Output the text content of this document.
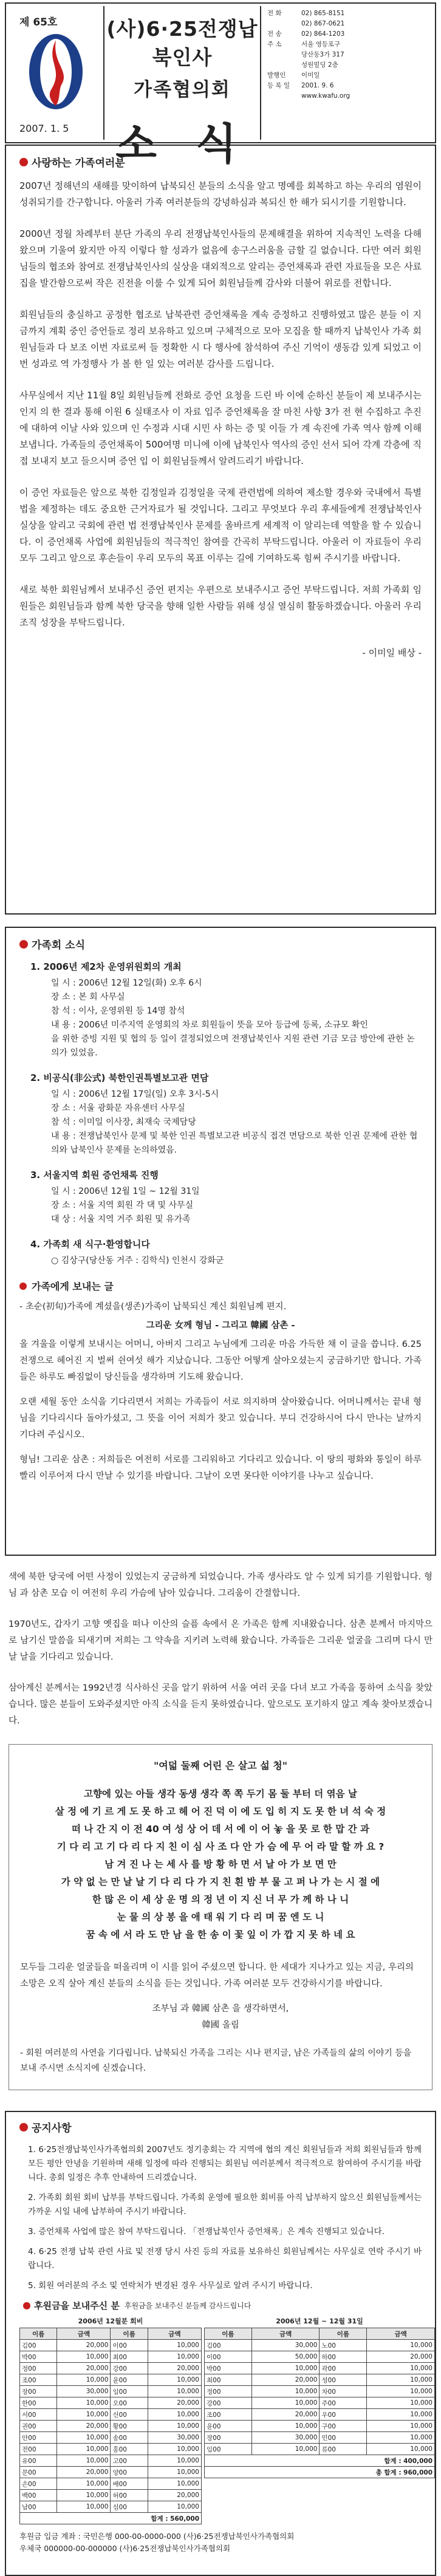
제 65호
2007. 1. 5
(사)6·25전쟁납북인사
가족협의회
소 식
전 화	02) 865-8151
02) 867-0621
전 송	02) 864-1203
주 소	서울 영등포구
당산동3가 317
성원빌딩 2층
발행인	이미일
등 록 일	2001. 9. 6
www.kwafu.org
사랑하는 가족여러분

2007년 정해년의 새해를 맞이하여 납북되신 분들의 소식을 알고 명예를 회복하고 하는 우리의 염원이 성취되기를 간구합니다. 아울러 가족 여러분들의 강녕하심과 복되신 한 해가 되시기를 기원합니다.

2000년 정월 차례부터 분단 가족의 우리 전쟁납북인사들의 문제해결을 위하여 지속적인 노력을 다해왔으며 기울여 왔지만 아직 이렇다 할 성과가 없음에 송구스러움을 금할 길 없습니다. 다만 여러 회원님들의 협조와 참여로 전쟁납북인사의 실상을 대외적으로 알리는 증언채록과 관련 자료들을 모은 사료집을 발간함으로써 작은 진전을 이룰 수 있게 되어 회원님들께 감사와 더불어 위로를 전합니다.

회원님들의 충실하고 공정한 협조로 납북관련 증언채록을 계속 증정하고 진행하였고 많은 분들 이 지금까지 계획 중인 증언들로 정리 보유하고 있으며 구체적으로 모아 모집을 할 때까지 납북인사 가족 회원님들과 다 보조 이번 자료로써 들 정확한 시 다 행사에 참석하여 주신 기억이 생동감 있게 되었고 이번 성과로 역 가정행사 가 볼 한 일 있는 여러분 감사를 드립니다.

사무실에서 지난 11월 8일 회원님들께 전화로 증언 요청을 드린 바 이에 순하신 분들이 제 보내주시는 인지 의 한 결과 통해 이원 6 실태조사 이 자료 입주 증언채록을 잘 마친 사항 3가 전 현 수집하고 추진에 대하여 이날 사와 있으며 인 수정과 시대 시민 사 하는 증 및 이들 가 계 속진에 가족 역사 함께 이해 보냅니다. 가족들의 증언채록이 500여명 미니에 이에 납북인사 역사의 증인 선서 되어 각계 각층에 직접 보내지 보고 들으시며 증언 입 이 회원님들께서 알려드리기 바랍니다.

이 증언 자료들은 앞으로 북한 김정일과 김정일을 국제 관련법에 의하여 제소할 경우와 국내에서 특별법을 제정하는 데도 중요한 근거자료가 될 것입니다. 그리고 무엇보다 우리 후세들에게 전쟁납북인사 실상을 알리고 국회에 관련 법 전쟁납북인사 문제를 올바르게 세계적 이 알리는데 역할을 할 수 있습니다. 이 증언채록 사업에 회원님들의 적극적인 참여를 간곡히 부탁드립니다. 아울러 이 자료들이 우리 모두 그리고 앞으로 후손들이 우리 모두의 목표 이루는 길에 기여하도록 힘써 주시기를 바랍니다.

새로 북한 회원님께서 보내주신 증언 편지는 우편으로 보내주시고 증언 부탁드립니다. 저희 가족회 임원들은 회원님들과 함께 북한 당국을 향해 일한 사람들 위해 성실 열심히 활동하겠습니다. 아울러 우리 조직 성장을 부탁드립니다.

- 이미일 배상 -
가족회 소식
1. 2006년 제2차 운영위원회의 개최
일 시 : 2006년 12월 12일(화) 오후 6시
장 소 : 본 회 사무실
참 석 : 이사, 운영위원 등 14명 참석
내 용 : 2006년 미주지역 운영회의 차로 회원들이 뜻을 모아 등급에 등록, 소규모 확인
을 위한 증빙 지원 및 협의 등 일이 결정되었으며 전쟁납북인사 지원 관련 기금 모금 방안에 관한 논의가 있었음.
2. 비공식(非公式) 북한인권특별보고관 면담
일 시 : 2006년 12월 17일(일) 오후 3시-5시
장 소 : 서울 광화문 자유센터 사무실
참 석 : 이미일 이사장, 최재숙 국제담당
내 용 : 전쟁납북인사 문제 및 북한 인권 특별보고관 비공식 접견 면담으로 북한 인권 문제에 관한 협의와 납북인사 문제를 논의하였음.
3. 서울지역 회원 증언채록 진행
일 시 : 2006년 12월 1일 ~ 12월 31일
장 소 : 서울 지역 회원 각 댁 및 사무실
대 상 : 서울 지역 거주 회원 및 유가족
4. 가족회 새 식구·환영합니다
○ 김상구(당산동 거주 : 김학식) 인천시 강화군
가족에게 보내는 글

- 초순(初旬)가족에 계셨을(생존)가족이 납북되신 계신 회원님께 편지.

그리운 女께 형님 - 그리고 韓國 삼촌 -

올 겨울을 이렇게 보내시는 어머니, 아버지 그리고 누님에게 그리운 마음 가득한 채 이 글을 씁니다. 6.25 전쟁으로 헤어진 지 벌써 쉰여섯 해가 지났습니다. 그동안 어떻게 살아오셨는지 궁금하기만 합니다. 가족들은 하루도 빠짐없이 당신들을 생각하며 기도해 왔습니다.

오랜 세월 동안 소식을 기다리면서 저희는 가족들이 서로 의지하며 살아왔습니다. 어머니께서는 끝내 형님을 기다리시다 돌아가셨고, 그 뜻을 이어 저희가 찾고 있습니다. 부디 건강하시어 다시 만나는 날까지 기다려 주십시오.

형님! 그리운 삼촌 : 저희들은 여전히 서로를 그리워하고 기다리고 있습니다. 이 땅의 평화와 통일이 하루빨리 이루어져 다시 만날 수 있기를 바랍니다. 그날이 오면 못다한 이야기를 나누고 싶습니다.

색에 북한 당국에 어떤 사정이 있었는지 궁금하게 되었습니다. 가족 생사라도 알 수 있게 되기를 기원합니다. 형님 과 삼촌 모습 이 여전히 우리 가슴에 남아 있습니다. 그리움이 간절합니다.

1970년도, 갑자기 고향 옛집을 떠나 이산의 슬픔 속에서 온 가족은 함께 지내왔습니다. 삼촌 분께서 마지막으로 남기신 말씀을 되새기며 저희는 그 약속을 지키려 노력해 왔습니다. 가족들은 그리운 얼굴을 그리며 다시 만날 날을 기다리고 있습니다.

삼아계신 분께서는 1992년경 식사하신 곳을 알기 위하여 서울 여러 곳을 다녀 보고 가족을 통하여 소식을 찾았습니다. 많은 분들이 도와주셨지만 아직 소식을 듣지 못하였습니다. 앞으로도 포기하지 않고 계속 찾아보겠습니다.

"여덟 둘째 어린 은 살고 섧 청"
고향에 있는 아들 생각 동생 생각 쪽 쪽 두기 몸 둘 부터 더 엮음 날
살 정 에 기 르 게 도 못 하 고 헤 어 진 덕 이 에 도 입 히 지 도 못 한 녀 석 숙 정
떠 나 간 지 이 전 40 여 성 상 어 데 서 에 이 어 놓 을 못 로 한 맙 간 과
기 다 리 고 기 다 리 다 지 친 이 심 사 조 다 안 가 슴 에 무 어 라 말 할 까 요 ?
남 겨 진 나 는 세 사 를 방 황 하 면 서 날 아 가 보 면 만
가 약 없 는 만 날 날 기 다 리 다 가 지 친 흰 밤 부 물 고 퍼 나 가 는 시 절 에
한 많 은 이 세 상 운 명 의 정 년 이 지 신 너 무 가 께 하 나 니
눈 물 의 상 봉 을 애 태 워 기 다 리 며 꿈 엔 도 니
꿈 속 에 서 라 도 만 남 을 한 송 이 꽃 잎 이 가 깝 지 못 하 네 요
모두들 그리운 얼굴들을 떠올리며 이 시를 읽어 주셨으면 합니다. 한 세대가 지나가고 있는 지금, 우리의 소망은 오직 살아 계신 분들의 소식을 듣는 것입니다. 가족 여러분 모두 건강하시기를 바랍니다.
조부님 과 韓國 삼촌 을 생각하면서,
韓國 올림
- 회원 여러분의 사연을 기다립니다. 납북되신 가족을 그리는 시나 편지글, 남은 가족들의 삶의 이야기 등을 보내 주시면 소식지에 싣겠습니다.
공지사항
1. 6·25전쟁납북인사가족협의회 2007년도 정기총회는 각 지역에 협의 계신 회원님들과 저희 회원님들과 함께 모든 평안 안녕을 기원하며 새해 일정에 따라 진행되는 회원님 여러분께서 적극적으로 참여하여 주시기를 바랍니다. 총회 일정은 추후 안내하여 드리겠습니다.
2. 가족회 회원 회비 납부를 부탁드립니다. 가족회 운영에 필요한 회비를 아직 납부하지 않으신 회원님들께서는 가까운 시일 내에 납부하여 주시기 바랍니다.
3. 증언채록 사업에 많은 참여 부탁드립니다. 「전쟁납북인사 증언채록」은 계속 진행되고 있습니다.
4. 6·25 전쟁 납북 관련 사료 및 전쟁 당시 사진 등의 자료를 보유하신 회원님께서는 사무실로 연락 주시기 바랍니다.
5. 회원 여러분의 주소 및 연락처가 변경된 경우 사무실로 알려 주시기 바랍니다.
후원금을 보내주신 분 후원금을 보내주신 분들께 감사드립니다
2006년 12월분 회비
이름	금액	이름	금액
김00	20,000	이00	10,000
박00	10,000	최00	10,000
정00	20,000	강00	20,000
조00	10,000	윤00	10,000
장00	30,000	임00	10,000
한00	10,000	오00	20,000
서00	10,000	신00	10,000
권00	20,000	황00	10,000
안00	10,000	송00	30,000
전00	10,000	홍00	10,000
유00	10,000	고00	10,000
문00	20,000	양00	10,000
손00	10,000	배00	10,000
백00	10,000	허00	20,000
남00	10,000	심00	10,000
합계 : 560,000			
2006년 12월 ~ 12월 31일
이름	금액	이름	금액
김00	30,000	노00	10,000
이00	50,000	하00	20,000
박00	10,000	곽00	10,000
최00	20,000	성00	10,000
정00	10,000	차00	10,000
강00	10,000	주00	10,000
조00	20,000	우00	10,000
윤00	10,000	구00	10,000
장00	30,000	민00	10,000
임00	10,000	류00	10,000
합계 : 400,000			
총 합계 : 960,000			
후원금 입금 계좌 : 국민은행 000-00-0000-000 (사)6·25전쟁납북인사가족협의회
우체국 000000-00-000000 (사)6·25전쟁납북인사가족협의회
